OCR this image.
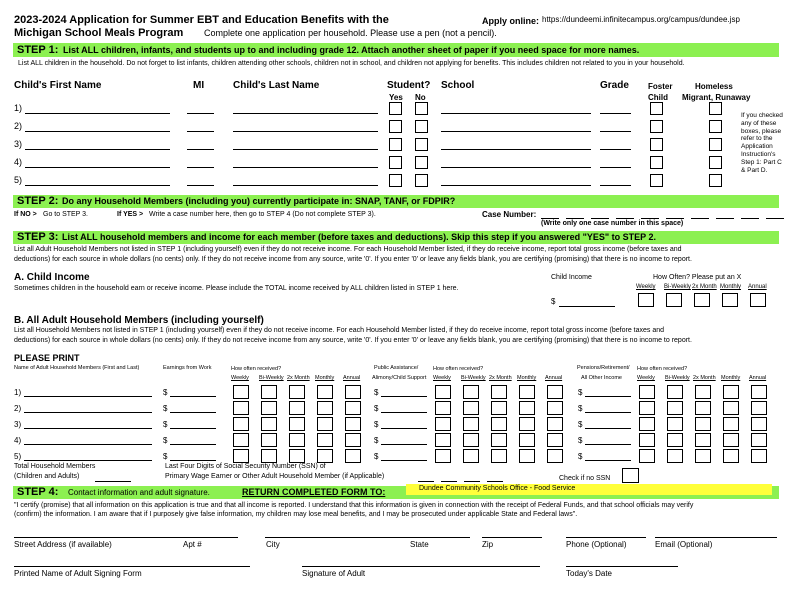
2023-2024 Application for Summer EBT and Education Benefits with the
Michigan School Meals Program Complete one application per household. Please use a pen (not a pencil).
Apply online: https://dundeemi.infinitecampus.org/campus/dundee.jsp
STEP 1: List ALL children, infants, and students up to and including grade 12. Attach another sheet of paper if you need space for more names.
List ALL children in the household. Do not forget to list infants, children attending other schools, children not in school, and children not applying for benefits. This includes children not related to you in your household.
Child's First Name	MI	Child's Last Name	Student?
Yes No
School	Grade Foster
Child
Homeless
Migrant, Runaway
1)
2)
3)
4)
5)
If you checked
any of these
boxes, please
refer to the
Application
Instruction's
Step 1: Part C
& Part D.
STEP 2: Do any Household Members (including you) currently participate in: SNAP, TANF, or FDPIR?
If NO > Go to STEP 3.	If YES > Write a case number here, then go to STEP 4 (Do not complete STEP 3).	Case Number:
(Write only one case number in this space)
STEP 3: List ALL household members and income for each member (before taxes and deductions). Skip this step if you answered "YES" to STEP 2.
List all Adult Household Members not listed in STEP 1 (including yourself) even if they do not receive income. For each Household Member listed, if they do receive income, report total gross income (before taxes and
deductions) for each source in whole dollars (no cents) only. If they do not receive income from any source, write '0'. If you enter '0' or leave any fields blank, you are certifying (promising) that there is no income to report.
A. Child Income
Sometimes children in the household earn or receive income. Please include the TOTAL income received by ALL children listed in STEP 1 here.
Child Income	How Often? Please put an X
$
Weekly Bi-Weekly 2x Month Monthly Annual
B. All Adult Household Members (including yourself)
List all Household Members not listed in STEP 1 (including yourself) even if they do not receive income. For each Household Member listed, if they do receive income, report total gross income (before taxes and
deductions) for each source in whole dollars (no cents) only. If they do not receive income from any source, write '0'. If you enter '0' or leave any fields blank, you are certifying (promising) that there is no income to report.
PLEASE PRINT
Name of Adult Household Members (First and Last)	Earnings from Work	How often received?	Public Assistance/
Alimony/Child Support
How often received?	Pensions/Retirement/
All Other Income
How often received?
Weekly Bi-Weekly 2x Month Monthly Annual	Weekly Bi-Weekly 2x Month Monthly Annual	Weekly Bi-Weekly 2x Month Monthly Annual
1)	$	$	$
2)	$	$	$
3)	$	$	$
4)	$	$	$
5)	$	$	$
Total Household Members
(Children and Adults)
Last Four Digits of Social Security Number (SSN) of
Primary Wage Earner or Other Adult Household Member (if Applicable)	Check if no SSN
STEP 4: Contact information and adult signature.	RETURN COMPLETED FORM TO:	Dundee Community Schools Office - Food Service
"I certify (promise) that all information on this application is true and that all income is reported. I understand that this information is given in connection with the receipt of Federal Funds, and that school officials may verify
(confirm) the information. I am aware that if I purposely give false information, my children may lose meal benefits, and I may be prosecuted under applicable State and Federal laws".
Street Address (if available)	Apt #	City	State	Zip	Phone (Optional)	Email (Optional)
Printed Name of Adult Signing Form	Signature of Adult	Today's Date
